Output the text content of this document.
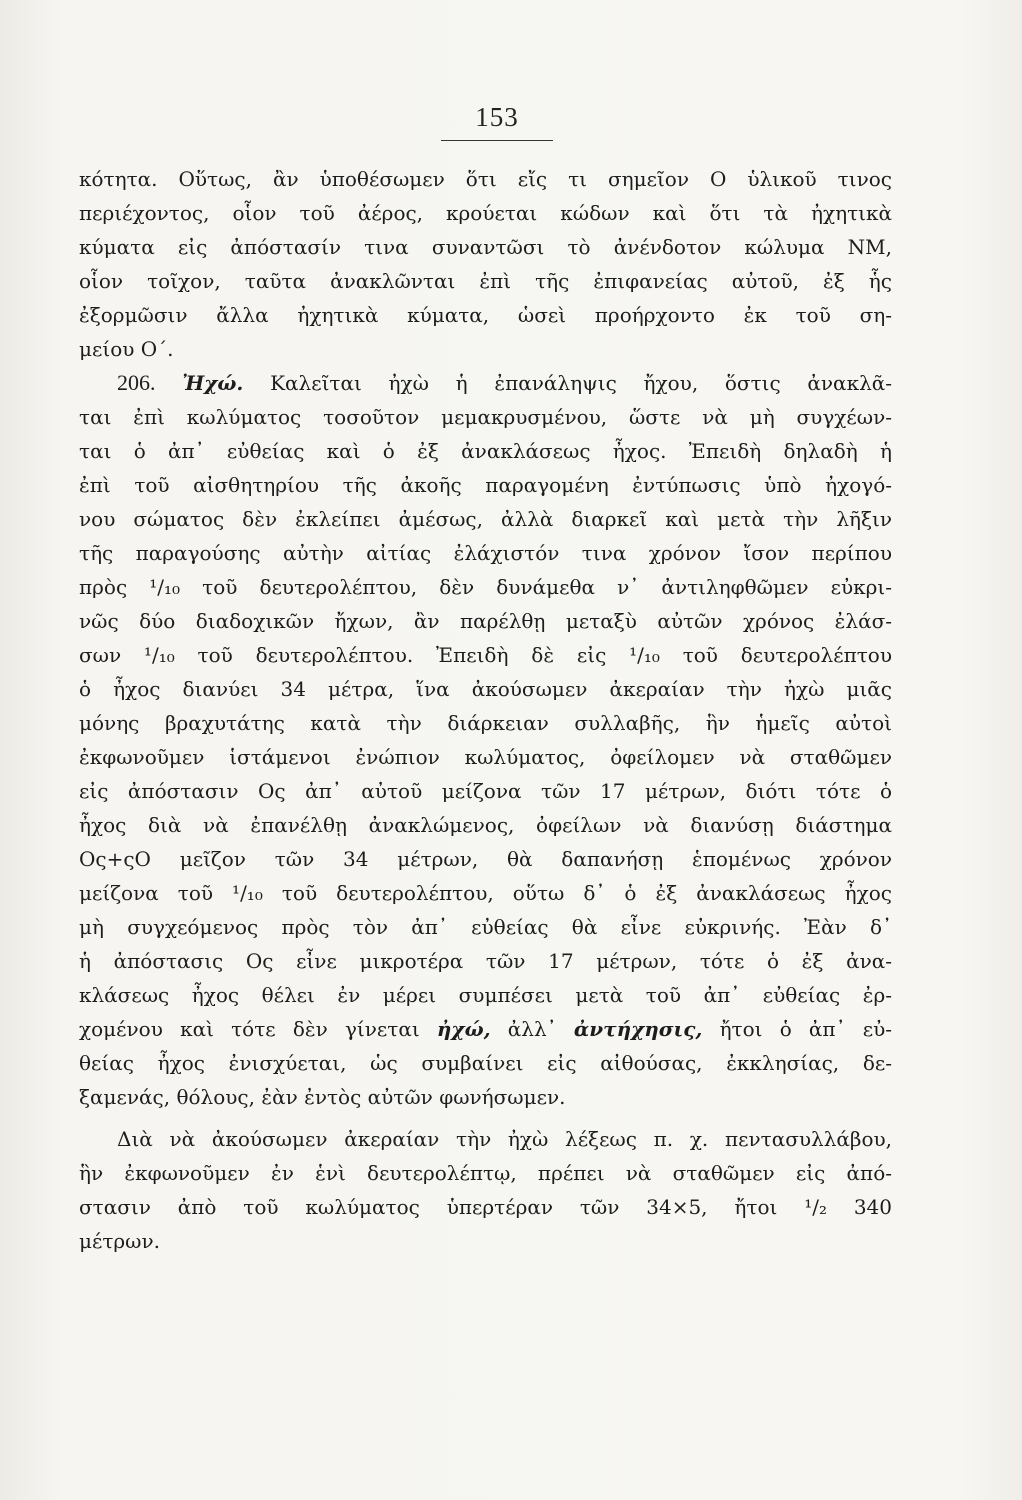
153
κότητα. Οὕτως, ἂν ὑποθέσωμεν ὅτι εἴς τι σημεῖον O ὑλικοῦ τινος
περιέχοντος, οἷον τοῦ ἀέρος, κρούεται κώδων καὶ ὅτι τὰ ἠχητικὰ
κύματα εἰς ἀπόστασίν τινα συναντῶσι τὸ ἀνένδοτον κώλυμα ΝΜ,
οἷον τοῖχον, ταῦτα ἀνακλῶνται ἐπὶ τῆς ἐπιφανείας αὐτοῦ, ἐξ ἧς
ἐξορμῶσιν ἄλλα ἠχητικὰ κύματα, ὡσεὶ προήρχοντο ἐκ τοῦ ση-
μείου O΄.
206. Ἠχώ. Καλεῖται ἠχὼ ἡ ἐπανάληψις ἤχου, ὅστις ἀνακλᾶ-
ται ἐπὶ κωλύματος τοσοῦτον μεμακρυσμένου, ὥστε νὰ μὴ συγχέων-
ται ὁ ἀπ᾿ εὐθείας καὶ ὁ ἐξ ἀνακλάσεως ἦχος. Ἐπειδὴ δηλαδὴ ἡ
ἐπὶ τοῦ αἰσθητηρίου τῆς ἀκοῆς παραγομένη ἐντύπωσις ὑπὸ ἠχογό-
νου σώματος δὲν ἐκλείπει ἀμέσως, ἀλλὰ διαρκεῖ καὶ μετὰ τὴν λῆξιν
τῆς παραγούσης αὐτὴν αἰτίας ἐλάχιστόν τινα χρόνον ἴσον περίπου
πρὸς ¹/₁₀ τοῦ δευτερολέπτου, δὲν δυνάμεθα ν᾿ ἀντιληφθῶμεν εὐκρι-
νῶς δύο διαδοχικῶν ἤχων, ἂν παρέλθῃ μεταξὺ αὐτῶν χρόνος ἐλάσ-
σων ¹/₁₀ τοῦ δευτερολέπτου. Ἐπειδὴ δὲ εἰς ¹/₁₀ τοῦ δευτερολέπτου
ὁ ἦχος διανύει 34 μέτρα, ἵνα ἀκούσωμεν ἀκεραίαν τὴν ἠχὼ μιᾶς
μόνης βραχυτάτης κατὰ τὴν διάρκειαν συλλαβῆς, ἣν ἡμεῖς αὐτοὶ
ἐκφωνοῦμεν ἱστάμενοι ἐνώπιον κωλύματος, ὀφείλομεν νὰ σταθῶμεν
εἰς ἀπόστασιν Oς ἀπ᾿ αὐτοῦ μείζονα τῶν 17 μέτρων, διότι τότε ὁ
ἦχος διὰ νὰ ἐπανέλθῃ ἀνακλώμενος, ὀφείλων νὰ διανύσῃ διάστημα
Oς+ςO μεῖζον τῶν 34 μέτρων, θὰ δαπανήσῃ ἑπομένως χρόνον
μείζονα τοῦ ¹/₁₀ τοῦ δευτερολέπτου, οὕτω δ᾿ ὁ ἐξ ἀνακλάσεως ἦχος
μὴ συγχεόμενος πρὸς τὸν ἀπ᾿ εὐθείας θὰ εἶνε εὐκρινής. Ἐὰν δ᾿
ἡ ἀπόστασις Oς εἶνε μικροτέρα τῶν 17 μέτρων, τότε ὁ ἐξ ἀνα-
κλάσεως ἦχος θέλει ἐν μέρει συμπέσει μετὰ τοῦ ἀπ᾿ εὐθείας ἐρ-
χομένου καὶ τότε δὲν γίνεται ἠχώ, ἀλλ᾿ ἀντήχησις, ἤτοι ὁ ἀπ᾿ εὐ-
θείας ἦχος ἐνισχύεται, ὡς συμβαίνει εἰς αἰθούσας, ἐκκλησίας, δε-
ξαμενάς, θόλους, ἐὰν ἐντὸς αὐτῶν φωνήσωμεν.
Διὰ νὰ ἀκούσωμεν ἀκεραίαν τὴν ἠχὼ λέξεως π. χ. πεντασυλλάβου,
ἣν ἐκφωνοῦμεν ἐν ἑνὶ δευτερολέπτῳ, πρέπει νὰ σταθῶμεν εἰς ἀπό-
στασιν ἀπὸ τοῦ κωλύματος ὑπερτέραν τῶν 34×5, ἤτοι ¹/₂ 340
μέτρων.
